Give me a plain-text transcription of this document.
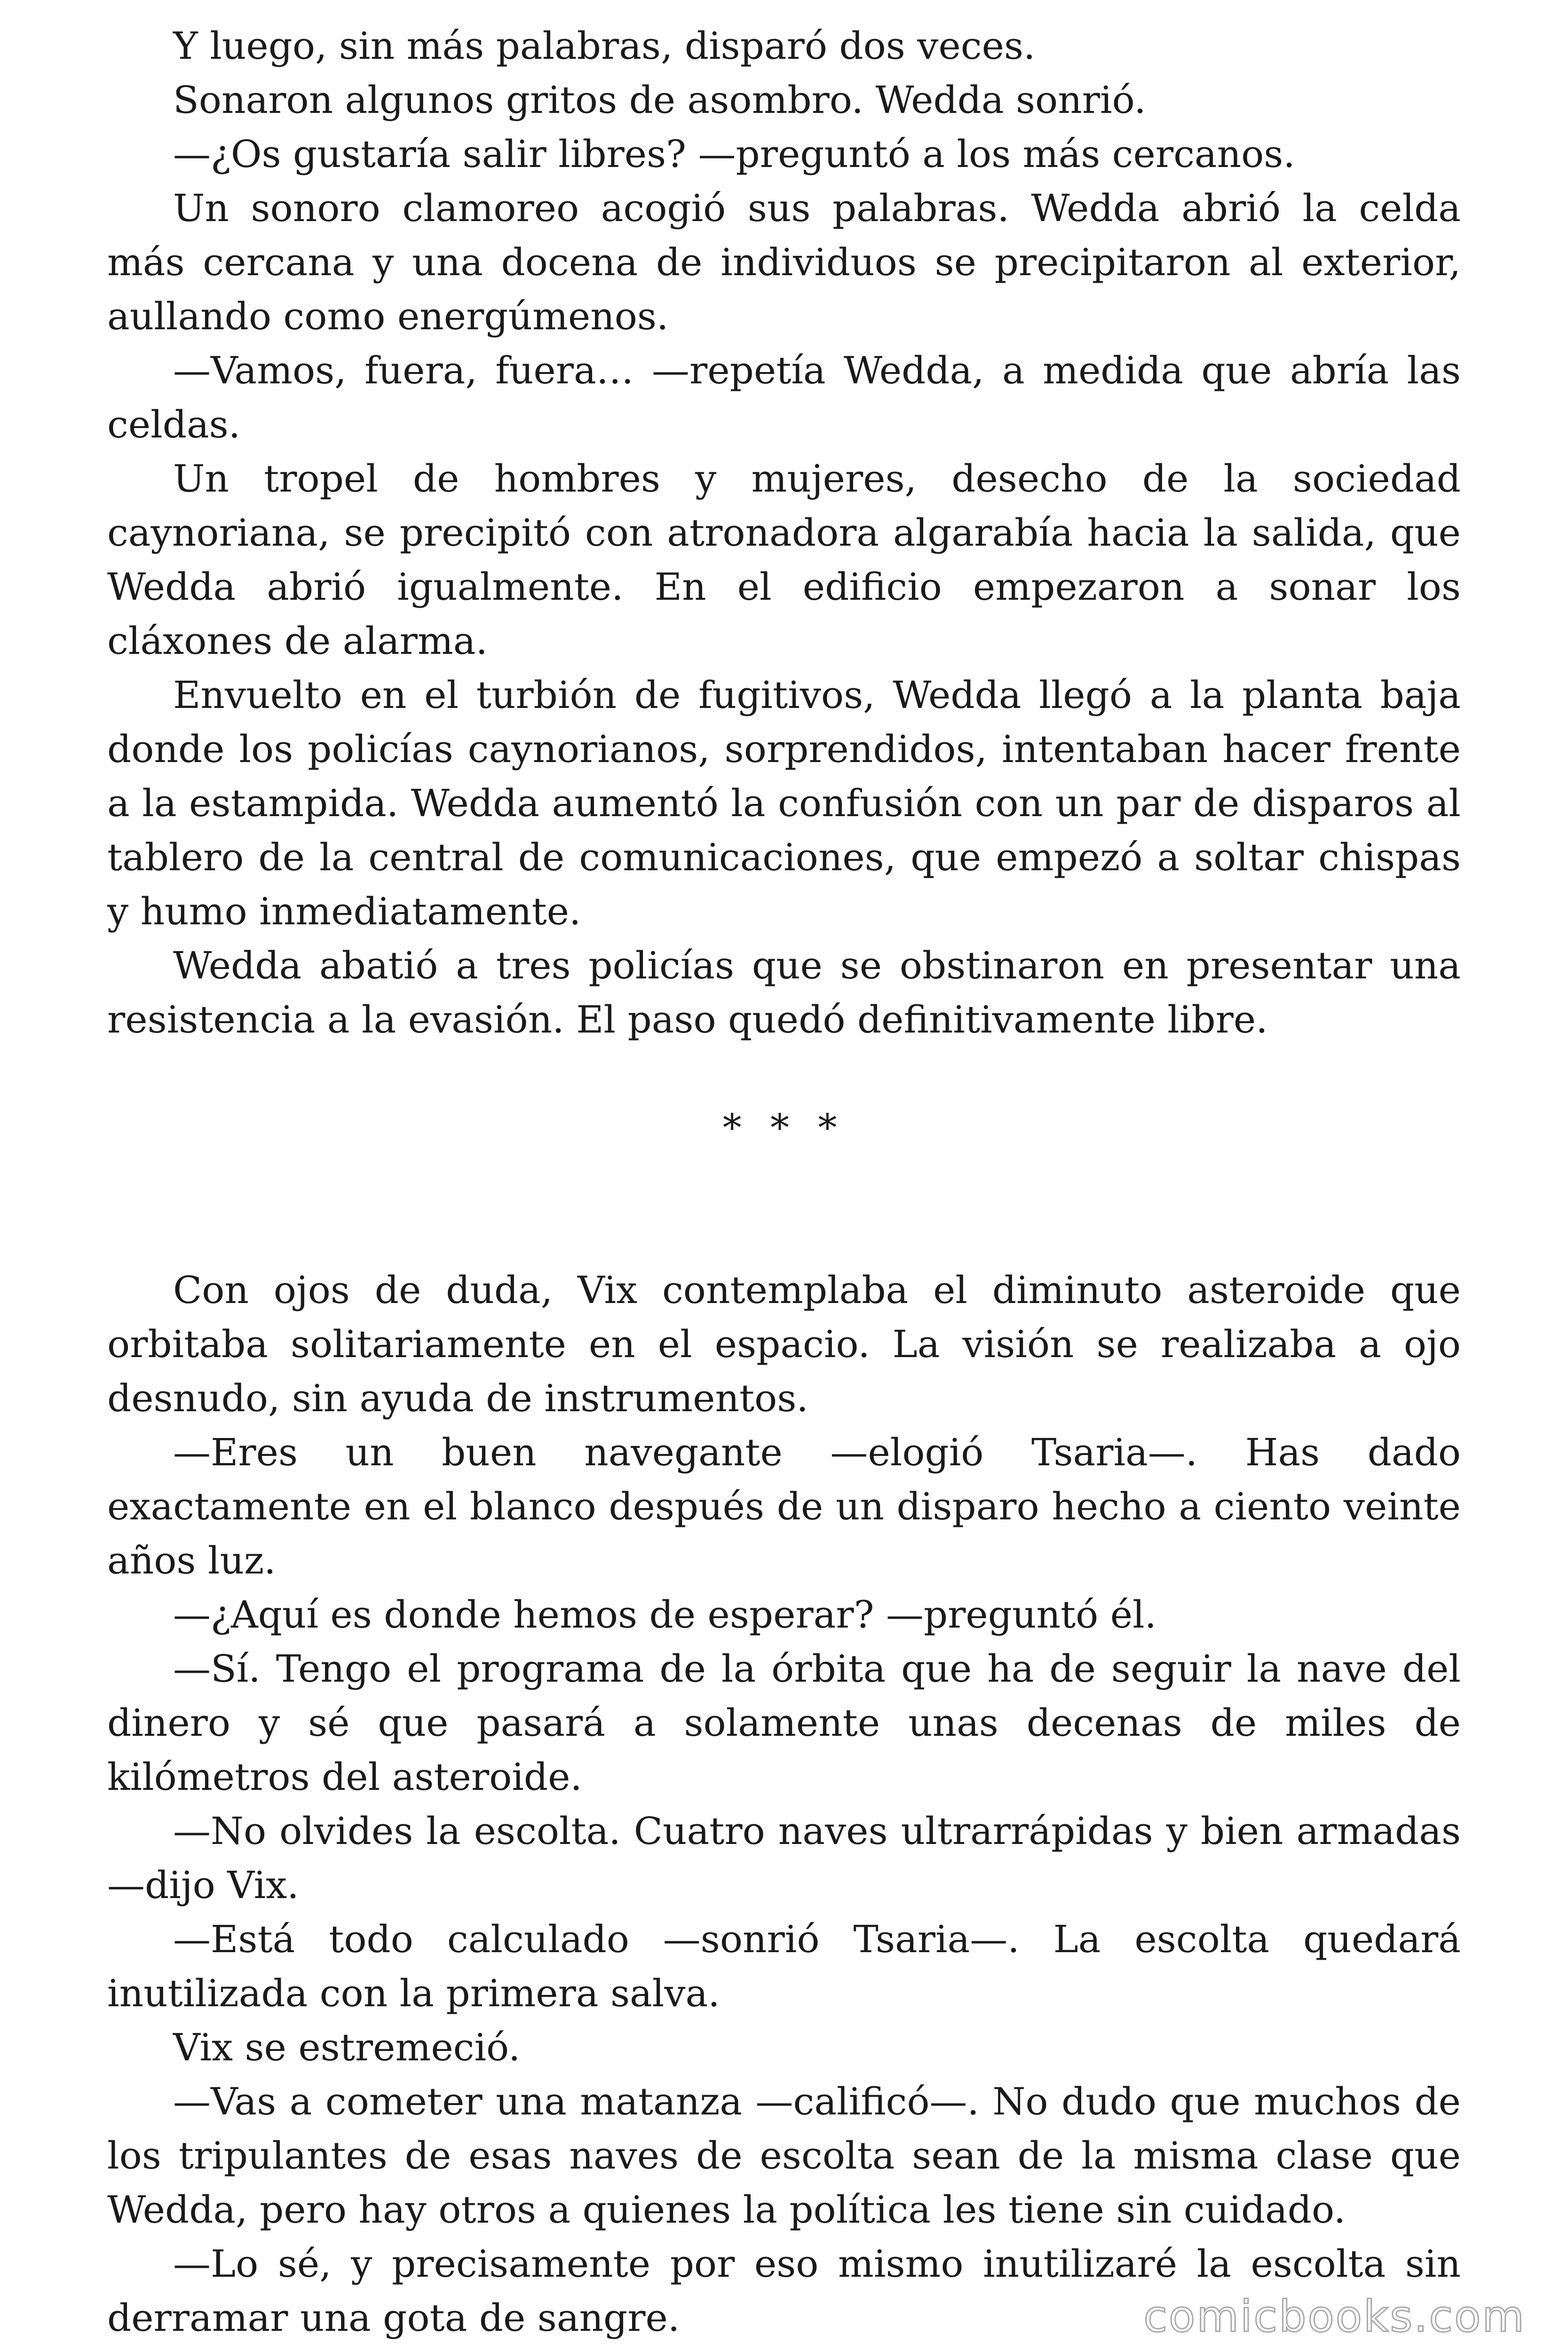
Y luego, sin más palabras, disparó dos veces.

Sonaron algunos gritos de asombro. Wedda sonrió.

—¿Os gustaría salir libres? —preguntó a los más cercanos.

Un sonoro clamoreo acogió sus palabras. Wedda abrió la celda más cercana y una docena de individuos se precipitaron al exterior, aullando como energúmenos.

—Vamos, fuera, fuera… —repetía Wedda, a medida que abría las celdas.

Un tropel de hombres y mujeres, desecho de la sociedad caynoriana, se precipitó con atronadora algarabía hacia la salida, que Wedda abrió igualmente. En el edificio empezaron a sonar los cláxones de alarma.

Envuelto en el turbión de fugitivos, Wedda llegó a la planta baja donde los policías caynorianos, sorprendidos, intentaban hacer frente a la estampida. Wedda aumentó la confusión con un par de disparos al tablero de la central de comunicaciones, que empezó a soltar chispas y humo inmediatamente.

Wedda abatió a tres policías que se obstinaron en presentar una resistencia a la evasión. El paso quedó definitivamente libre.

* * *

Con ojos de duda, Vix contemplaba el diminuto asteroide que orbitaba solitariamente en el espacio. La visión se realizaba a ojo desnudo, sin ayuda de instrumentos.

—Eres un buen navegante —elogió Tsaria—. Has dado exactamente en el blanco después de un disparo hecho a ciento veinte años luz.

—¿Aquí es donde hemos de esperar? —preguntó él.

—Sí. Tengo el programa de la órbita que ha de seguir la nave del dinero y sé que pasará a solamente unas decenas de miles de kilómetros del asteroide.

—No olvides la escolta. Cuatro naves ultrarrápidas y bien armadas —dijo Vix.

—Está todo calculado —sonrió Tsaria—. La escolta quedará inutilizada con la primera salva.

Vix se estremeció.

—Vas a cometer una matanza —calificó—. No dudo que muchos de los tripulantes de esas naves de escolta sean de la misma clase que Wedda, pero hay otros a quienes la política les tiene sin cuidado.

—Lo sé, y precisamente por eso mismo inutilizaré la escolta sin derramar una gota de sangre.	comicbooks.com
